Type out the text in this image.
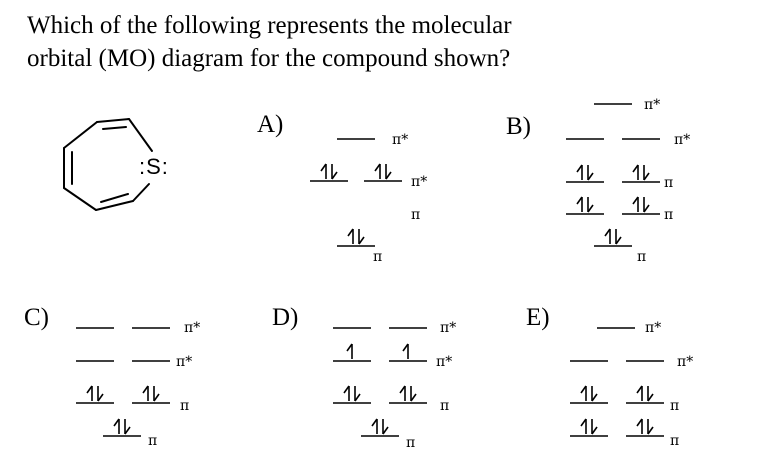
Which of the following represents the molecular
orbital (MO) diagram for the compound shown?

:S:
A)	B)
C)	D)	E)
π*
π*
π
π
π*
π*
π
π
π
π*
π*
π
π
π*
π*
π
π
π*
π*
π
π
